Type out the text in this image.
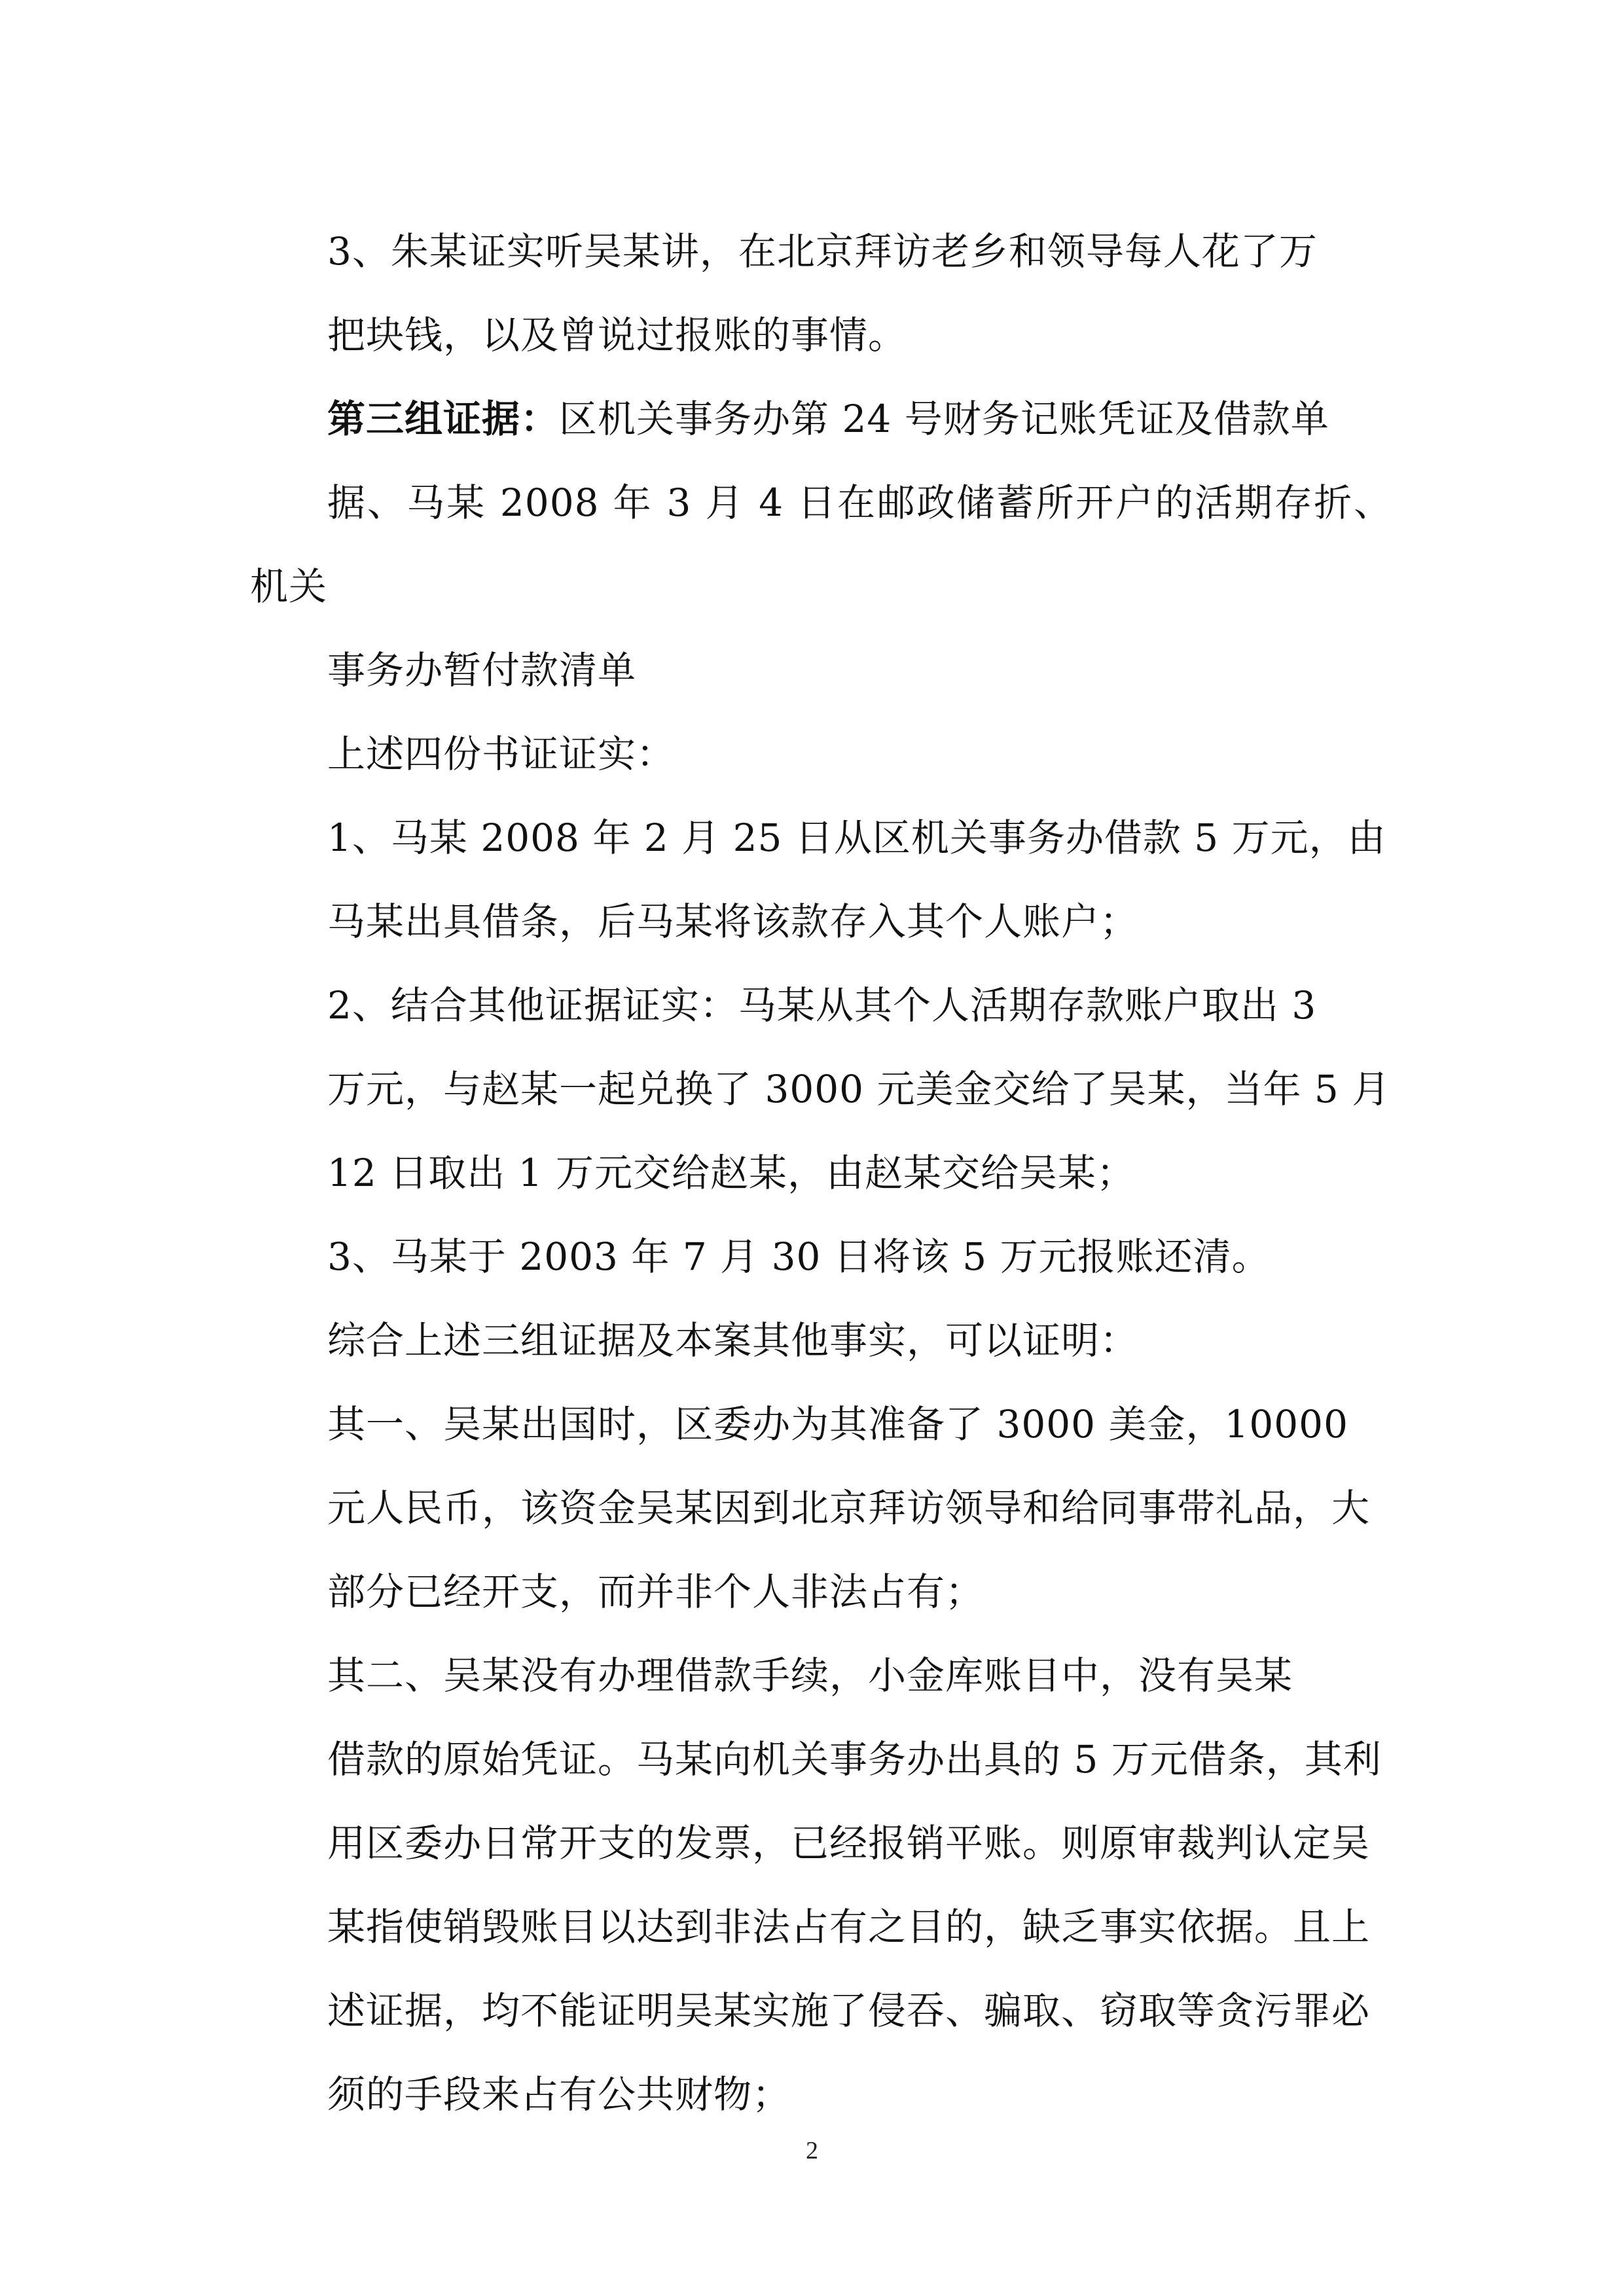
3、朱某证实听吴某讲，在北京拜访老乡和领导每人花了万
把块钱，以及曾说过报账的事情。

第三组证据：区机关事务办第 24 号财务记账凭证及借款单
据、马某 2008 年 3 月 4 日在邮政储蓄所开户的活期存折、机关
事务办暂付款清单

上述四份书证证实：

1、马某 2008 年 2 月 25 日从区机关事务办借款 5 万元，由
马某出具借条，后马某将该款存入其个人账户；

2、结合其他证据证实：马某从其个人活期存款账户取出 3
万元，与赵某一起兑换了 3000 元美金交给了吴某，当年 5 月
12 日取出 1 万元交给赵某，由赵某交给吴某；

3、马某于 2003 年 7 月 30 日将该 5 万元报账还清。

综合上述三组证据及本案其他事实，可以证明：

其一、吴某出国时，区委办为其准备了 3000 美金，10000
元人民币，该资金吴某因到北京拜访领导和给同事带礼品，大
部分已经开支，而并非个人非法占有；

其二、吴某没有办理借款手续，小金库账目中，没有吴某
借款的原始凭证。马某向机关事务办出具的 5 万元借条，其利
用区委办日常开支的发票，已经报销平账。则原审裁判认定吴
某指使销毁账目以达到非法占有之目的，缺乏事实依据。且上
述证据，均不能证明吴某实施了侵吞、骗取、窃取等贪污罪必
须的手段来占有公共财物；

2
